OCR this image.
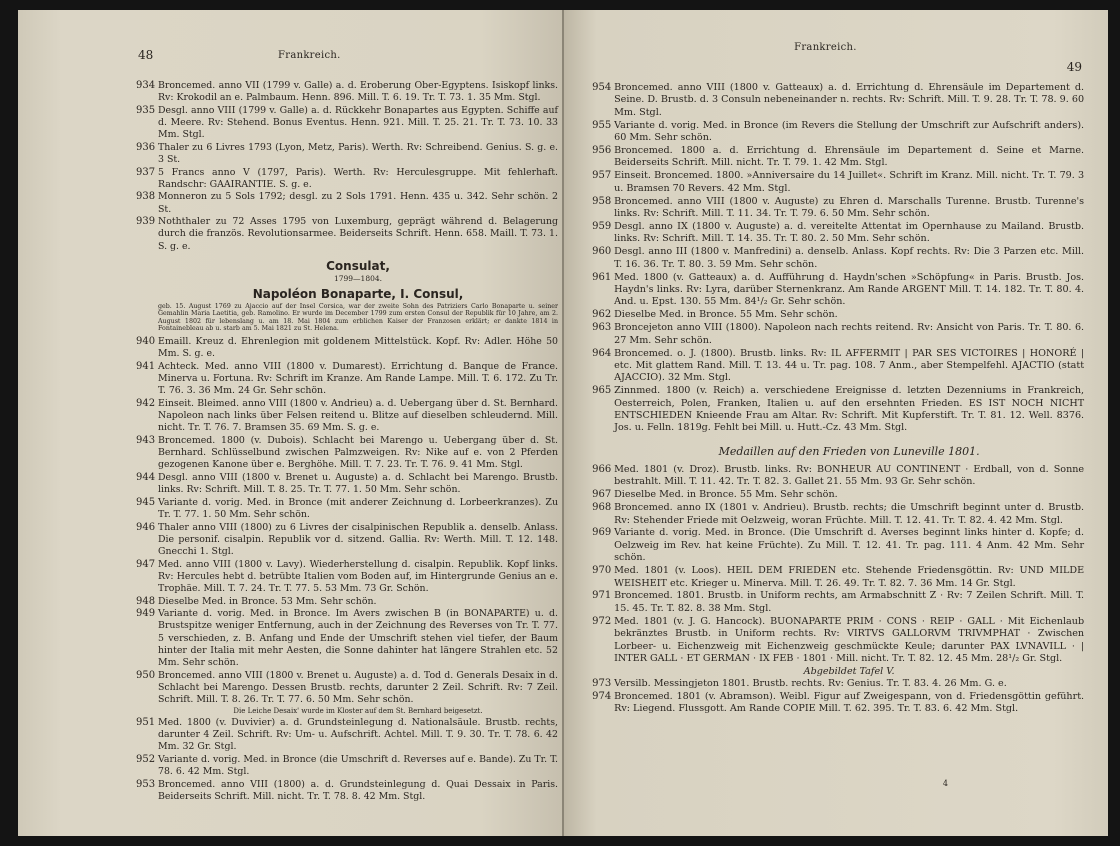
48	Frankreich.
934 Broncemed. anno VII (1799 v. Galle) a. d. Eroberung Ober-Egyptens. Isiskopf links. Rv: Krokodil an e. Palmbaum. Henn. 896. Mill. T. 6. 19. Tr. T. 73. 1. 35 Mm. Stgl.
935 Desgl. anno VIII (1799 v. Galle) a. d. Rückkehr Bonapartes aus Egypten. Schiffe auf d. Meere. Rv: Stehend. Bonus Eventus. Henn. 921. Mill. T. 25. 21. Tr. T. 73. 10. 33 Mm. Stgl.
936 Thaler zu 6 Livres 1793 (Lyon, Metz, Paris). Werth. Rv: Schreibend. Genius. S. g. e. 3 St.
937 5 Francs anno V (1797, Paris). Werth. Rv: Herculesgruppe. Mit fehlerhaft. Randschr: GAAIRANTIE. S. g. e.
938 Monneron zu 5 Sols 1792; desgl. zu 2 Sols 1791. Henn. 435 u. 342. Sehr schön. 2 St.
939 Noththaler zu 72 Asses 1795 von Luxemburg, geprägt während d. Belagerung durch die französ. Revolutionsarmee. Beiderseits Schrift. Henn. 658. Maill. T. 73. 1. S. g. e.
Consulat,
1799—1804.
Napoléon Bonaparte, I. Consul,
geb. 15. August 1769 zu Ajaccio auf der Insel Corsica, war der zweite Sohn des Patriziers Carlo Bonaparte u. seiner Gemahlin Maria Laetitia, geb. Ramolino. Er wurde im December 1799 zum ersten Consul der Republik für 10 Jahre, am 2. August 1802 für lebenslang u. am 18. Mai 1804 zum erblichen Kaiser der Franzosen erklärt; er dankte 1814 in Fontainebleau ab u. starb am 5. Mai 1821 zu St. Helena.
940 Emaill. Kreuz d. Ehrenlegion mit goldenem Mittelstück. Kopf. Rv: Adler. Höhe 50 Mm. S. g. e.
941 Achteck. Med. anno VIII (1800 v. Dumarest). Errichtung d. Banque de France. Minerva u. Fortuna. Rv: Schrift im Kranze. Am Rande Lampe. Mill. T. 6. 172. Zu Tr. T. 76. 3. 36 Mm. 24 Gr. Sehr schön.
942 Einseit. Bleimed. anno VIII (1800 v. Andrieu) a. d. Uebergang über d. St. Bernhard. Napoleon nach links über Felsen reitend u. Blitze auf dieselben schleudernd. Mill. nicht. Tr. T. 76. 7. Bramsen 35. 69 Mm. S. g. e.
943 Broncemed. 1800 (v. Dubois). Schlacht bei Marengo u. Uebergang über d. St. Bernhard. Schlüsselbund zwischen Palmzweigen. Rv: Nike auf e. von 2 Pferden gezogenen Kanone über e. Berghöhe. Mill. T. 7. 23. Tr. T. 76. 9. 41 Mm. Stgl.
944 Desgl. anno VIII (1800 v. Brenet u. Auguste) a. d. Schlacht bei Marengo. Brustb. links. Rv: Schrift. Mill. T. 8. 25. Tr. T. 77. 1. 50 Mm. Sehr schön.
945 Variante d. vorig. Med. in Bronce (mit anderer Zeichnung d. Lorbeerkranzes). Zu Tr. T. 77. 1. 50 Mm. Sehr schön.
946 Thaler anno VIII (1800) zu 6 Livres der cisalpinischen Republik a. denselb. Anlass. Die personif. cisalpin. Republik vor d. sitzend. Gallia. Rv: Werth. Mill. T. 12. 148. Gnecchi 1. Stgl.
947 Med. anno VIII (1800 v. Lavy). Wiederherstellung d. cisalpin. Republik. Kopf links. Rv: Hercules hebt d. betrübte Italien vom Boden auf, im Hintergrunde Genius an e. Trophäe. Mill. T. 7. 24. Tr. T. 77. 5. 53 Mm. 73 Gr. Schön.
948 Dieselbe Med. in Bronce. 53 Mm. Sehr schön.
949 Variante d. vorig. Med. in Bronce. Im Avers zwischen B (in BONAPARTE) u. d. Brustspitze weniger Entfernung, auch in der Zeichnung des Reverses von Tr. T. 77. 5 verschieden, z. B. Anfang und Ende der Umschrift stehen viel tiefer, der Baum hinter der Italia mit mehr Aesten, die Sonne dahinter hat längere Strahlen etc. 52 Mm. Sehr schön.
950 Broncemed. anno VIII (1800 v. Brenet u. Auguste) a. d. Tod d. Generals Desaix in d. Schlacht bei Marengo. Dessen Brustb. rechts, darunter 2 Zeil. Schrift. Rv: 7 Zeil. Schrift. Mill. T. 8. 26. Tr. T. 77. 6. 50 Mm. Sehr schön.
Die Leiche Desaix' wurde im Kloster auf dem St. Bernhard beigesetzt.
951 Med. 1800 (v. Duvivier) a. d. Grundsteinlegung d. Nationalsäule. Brustb. rechts, darunter 4 Zeil. Schrift. Rv: Um- u. Aufschrift. Achtel. Mill. T. 9. 30. Tr. T. 78. 6. 42 Mm. 32 Gr. Stgl.
952 Variante d. vorig. Med. in Bronce (die Umschrift d. Reverses auf e. Bande). Zu Tr. T. 78. 6. 42 Mm. Stgl.
953 Broncemed. anno VIII (1800) a. d. Grundsteinlegung d. Quai Dessaix in Paris. Beiderseits Schrift. Mill. nicht. Tr. T. 78. 8. 42 Mm. Stgl.
Frankreich.
49
954 Broncemed. anno VIII (1800 v. Gatteaux) a. d. Errichtung d. Ehrensäule im Departement d. Seine. D. Brustb. d. 3 Consuln nebeneinander n. rechts. Rv: Schrift. Mill. T. 9. 28. Tr. T. 78. 9. 60 Mm. Stgl.
955 Variante d. vorig. Med. in Bronce (im Revers die Stellung der Umschrift zur Aufschrift anders). 60 Mm. Sehr schön.
956 Broncemed. 1800 a. d. Errichtung d. Ehrensäule im Departement d. Seine et Marne. Beiderseits Schrift. Mill. nicht. Tr. T. 79. 1. 42 Mm. Stgl.
957 Einseit. Broncemed. 1800. »Anniversaire du 14 Juillet«. Schrift im Kranz. Mill. nicht. Tr. T. 79. 3 u. Bramsen 70 Revers. 42 Mm. Stgl.
958 Broncemed. anno VIII (1800 v. Auguste) zu Ehren d. Marschalls Turenne. Brustb. Turenne's links. Rv: Schrift. Mill. T. 11. 34. Tr. T. 79. 6. 50 Mm. Sehr schön.
959 Desgl. anno IX (1800 v. Auguste) a. d. vereitelte Attentat im Opernhause zu Mailand. Brustb. links. Rv: Schrift. Mill. T. 14. 35. Tr. T. 80. 2. 50 Mm. Sehr schön.
960 Desgl. anno III (1800 v. Manfredini) a. denselb. Anlass. Kopf rechts. Rv: Die 3 Parzen etc. Mill. T. 16. 36. Tr. T. 80. 3. 59 Mm. Sehr schön.
961 Med. 1800 (v. Gatteaux) a. d. Aufführung d. Haydn'schen »Schöpfung« in Paris. Brustb. Jos. Haydn's links. Rv: Lyra, darüber Sternenkranz. Am Rande ARGENT Mill. T. 14. 182. Tr. T. 80. 4. And. u. Epst. 130. 55 Mm. 84¹/₂ Gr. Sehr schön.
962 Dieselbe Med. in Bronce. 55 Mm. Sehr schön.
963 Broncejeton anno VIII (1800). Napoleon nach rechts reitend. Rv: Ansicht von Paris. Tr. T. 80. 6. 27 Mm. Sehr schön.
964 Broncemed. o. J. (1800). Brustb. links. Rv: IL AFFERMIT | PAR SES VICTOIRES | HONORÉ | etc. Mit glattem Rand. Mill. T. 13. 44 u. Tr. pag. 108. 7 Anm., aber Stempelfehl. AJACTIO (statt AJACCIO). 32 Mm. Stgl.
965 Zinnmed. 1800 (v. Reich) a. verschiedene Ereignisse d. letzten Dezenniums in Frankreich, Oesterreich, Polen, Franken, Italien u. auf den ersehnten Frieden. ES IST NOCH NICHT ENTSCHIEDEN Knieende Frau am Altar. Rv: Schrift. Mit Kupferstift. Tr. T. 81. 12. Well. 8376. Jos. u. Felln. 1819g. Fehlt bei Mill. u. Hutt.-Cz. 43 Mm. Stgl.
Medaillen auf den Frieden von Luneville 1801.
966 Med. 1801 (v. Droz). Brustb. links. Rv: BONHEUR AU CONTINENT · Erdball, von d. Sonne bestrahlt. Mill. T. 11. 42. Tr. T. 82. 3. Gallet 21. 55 Mm. 93 Gr. Sehr schön.
967 Dieselbe Med. in Bronce. 55 Mm. Sehr schön.
968 Broncemed. anno IX (1801 v. Andrieu). Brustb. rechts; die Umschrift beginnt unter d. Brustb. Rv: Stehender Friede mit Oelzweig, woran Früchte. Mill. T. 12. 41. Tr. T. 82. 4. 42 Mm. Stgl.
969 Variante d. vorig. Med. in Bronce. (Die Umschrift d. Averses beginnt links hinter d. Kopfe; d. Oelzweig im Rev. hat keine Früchte). Zu Mill. T. 12. 41. Tr. pag. 111. 4 Anm. 42 Mm. Sehr schön.
970 Med. 1801 (v. Loos). HEIL DEM FRIEDEN etc. Stehende Friedensgöttin. Rv: UND MILDE WEISHEIT etc. Krieger u. Minerva. Mill. T. 26. 49. Tr. T. 82. 7. 36 Mm. 14 Gr. Stgl.
971 Broncemed. 1801. Brustb. in Uniform rechts, am Armabschnitt Z · Rv: 7 Zeilen Schrift. Mill. T. 15. 45. Tr. T. 82. 8. 38 Mm. Stgl.
972 Med. 1801 (v. J. G. Hancock). BUONAPARTE PRIM · CONS · REIP · GALL · Mit Eichenlaub bekränztes Brustb. in Uniform rechts. Rv: VIRTVS GALLORVM TRIVMPHAT · Zwischen Lorbeer- u. Eichenzweig mit Eichenzweig geschmückte Keule; darunter PAX LVNAVILL · | INTER GALL · ET GERMAN · IX FEB · 1801 · Mill. nicht. Tr. T. 82. 12. 45 Mm. 28¹/₂ Gr. Stgl.
Abgebildet Tafel V.
973 Versilb. Messingjeton 1801. Brustb. rechts. Rv: Genius. Tr. T. 83. 4. 26 Mm. G. e.
974 Broncemed. 1801 (v. Abramson). Weibl. Figur auf Zweigespann, von d. Friedensgöttin geführt. Rv: Liegend. Flussgott. Am Rande COPIE Mill. T. 62. 395. Tr. T. 83. 6. 42 Mm. Stgl.
4
